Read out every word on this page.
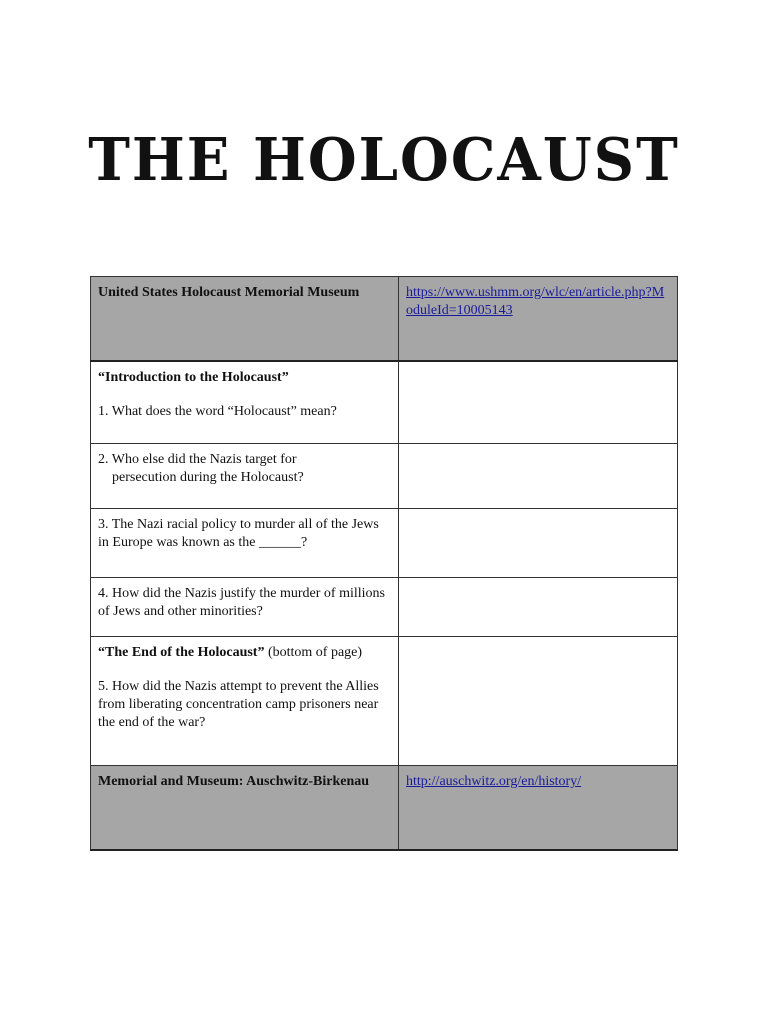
THE HOLOCAUST
United States Holocaust Memorial Museum	https://www.ushmm.org/wlc/en/article.php?ModuleId=10005143
“Introduction to the Holocaust”
1. What does the word “Holocaust” mean?	
2. Who else did the Nazis target for
persecution during the Holocaust?	

3. The Nazi racial policy to murder all of the Jews in Europe was known as the ______?	
4. How did the Nazis justify the murder of millions of Jews and other minorities?	
“The End of the Holocaust” (bottom of page)
5. How did the Nazis attempt to prevent the Allies from liberating concentration camp prisoners near the end of the war?	
Memorial and Museum: Auschwitz-Birkenau	http://auschwitz.org/en/history/
